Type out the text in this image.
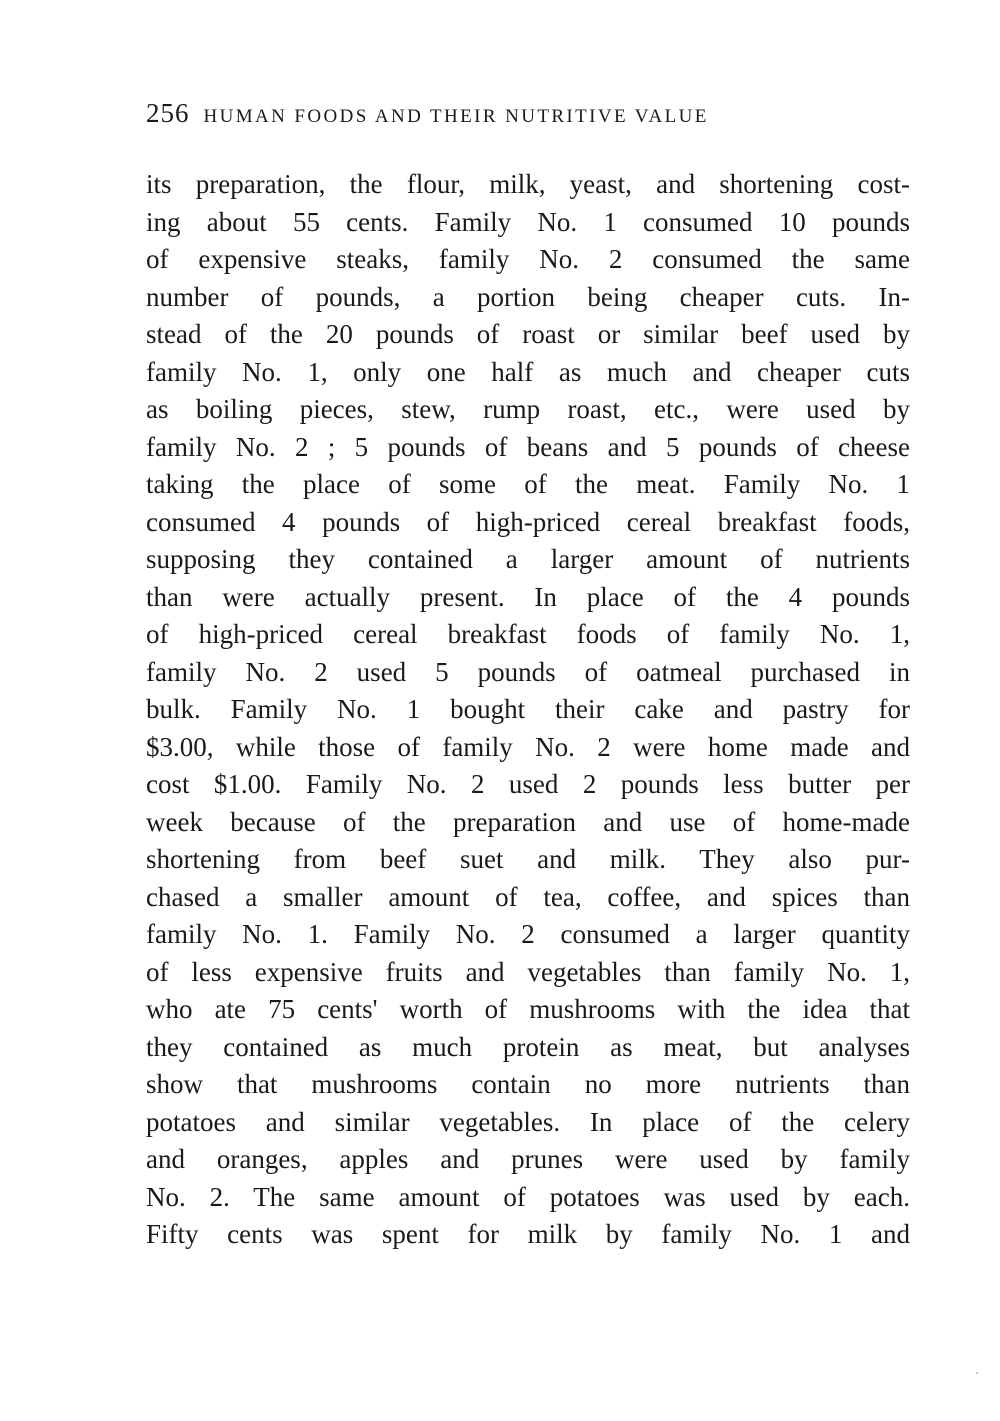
256 HUMAN FOODS AND THEIR NUTRITIVE VALUE
its preparation, the flour, milk, yeast, and shortening cost-
ing about 55 cents. Family No. 1 consumed 10 pounds
of expensive steaks, family No. 2 consumed the same
number of pounds, a portion being cheaper cuts. In-
stead of the 20 pounds of roast or similar beef used by
family No. 1, only one half as much and cheaper cuts
as boiling pieces, stew, rump roast, etc., were used by
family No. 2 ; 5 pounds of beans and 5 pounds of cheese
taking the place of some of the meat. Family No. 1
consumed 4 pounds of high-priced cereal breakfast foods,
supposing they contained a larger amount of nutrients
than were actually present. In place of the 4 pounds
of high-priced cereal breakfast foods of family No. 1,
family No. 2 used 5 pounds of oatmeal purchased in
bulk. Family No. 1 bought their cake and pastry for
$3.00, while those of family No. 2 were home made and
cost $1.00. Family No. 2 used 2 pounds less butter per
week because of the preparation and use of home-made
shortening from beef suet and milk. They also pur-
chased a smaller amount of tea, coffee, and spices than
family No. 1. Family No. 2 consumed a larger quantity
of less expensive fruits and vegetables than family No. 1,
who ate 75 cents' worth of mushrooms with the idea that
they contained as much protein as meat, but analyses
show that mushrooms contain no more nutrients than
potatoes and similar vegetables. In place of the celery
and oranges, apples and prunes were used by family
No. 2. The same amount of potatoes was used by each.
Fifty cents was spent for milk by family No. 1 and
